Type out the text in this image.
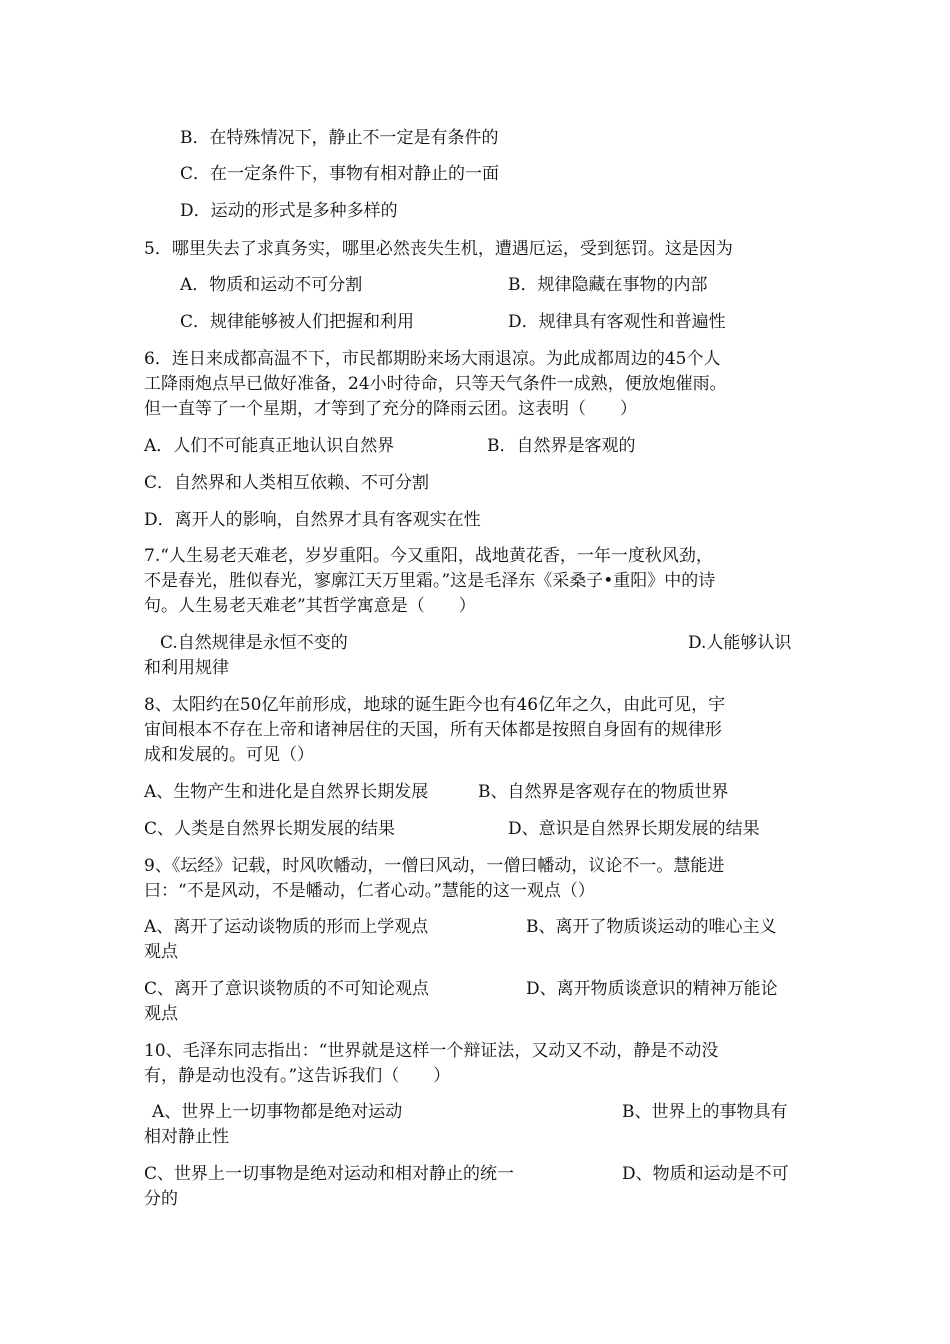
B．在特殊情况下，静止不一定是有条件的
C．在一定条件下，事物有相对静止的一面
D．运动的形式是多种多样的
5．哪里失去了求真务实，哪里必然丧失生机，遭遇厄运，受到惩罚。这是因为
A．物质和运动不可分割	B．规律隐藏在事物的内部
C．规律能够被人们把握和利用	D．规律具有客观性和普遍性
6．连日来成都高温不下，市民都期盼来场大雨退凉。为此成都周边的45个人
工降雨炮点早已做好准备，24小时待命，只等天气条件一成熟，便放炮催雨。
但一直等了一个星期，才等到了充分的降雨云团。这表明（　　）
A．人们不可能真正地认识自然界	B．自然界是客观的
C．自然界和人类相互依赖、不可分割
D．离开人的影响，自然界才具有客观实在性
7.“人生易老天难老，岁岁重阳。今又重阳，战地黄花香，一年一度秋风劲，
不是春光，胜似春光，寥廓江天万里霜。”这是毛泽东《采桑子•重阳》中的诗
句。人生易老天难老”其哲学寓意是（　　）
C.自然规律是永恒不变的	D.人能够认识
和利用规律
8、太阳约在50亿年前形成，地球的诞生距今也有46亿年之久，由此可见，宇
宙间根本不存在上帝和诸神居住的天国，所有天体都是按照自身固有的规律形
成和发展的。可见（）
A、生物产生和进化是自然界长期发展	B、自然界是客观存在的物质世界
C、人类是自然界长期发展的结果	D、意识是自然界长期发展的结果
9、《坛经》记载，时风吹幡动，一僧曰风动，一僧曰幡动，议论不一。慧能进
曰：“不是风动，不是幡动，仁者心动。”慧能的这一观点（）
A、离开了运动谈物质的形而上学观点	B、离开了物质谈运动的唯心主义
观点
C、离开了意识谈物质的不可知论观点	D、离开物质谈意识的精神万能论
观点
10、毛泽东同志指出：“世界就是这样一个辩证法，又动又不动，静是不动没
有，静是动也没有。”这告诉我们（　　）
A、世界上一切事物都是绝对运动	B、世界上的事物具有
相对静止性
C、世界上一切事物是绝对运动和相对静止的统一	D、物质和运动是不可
分的
